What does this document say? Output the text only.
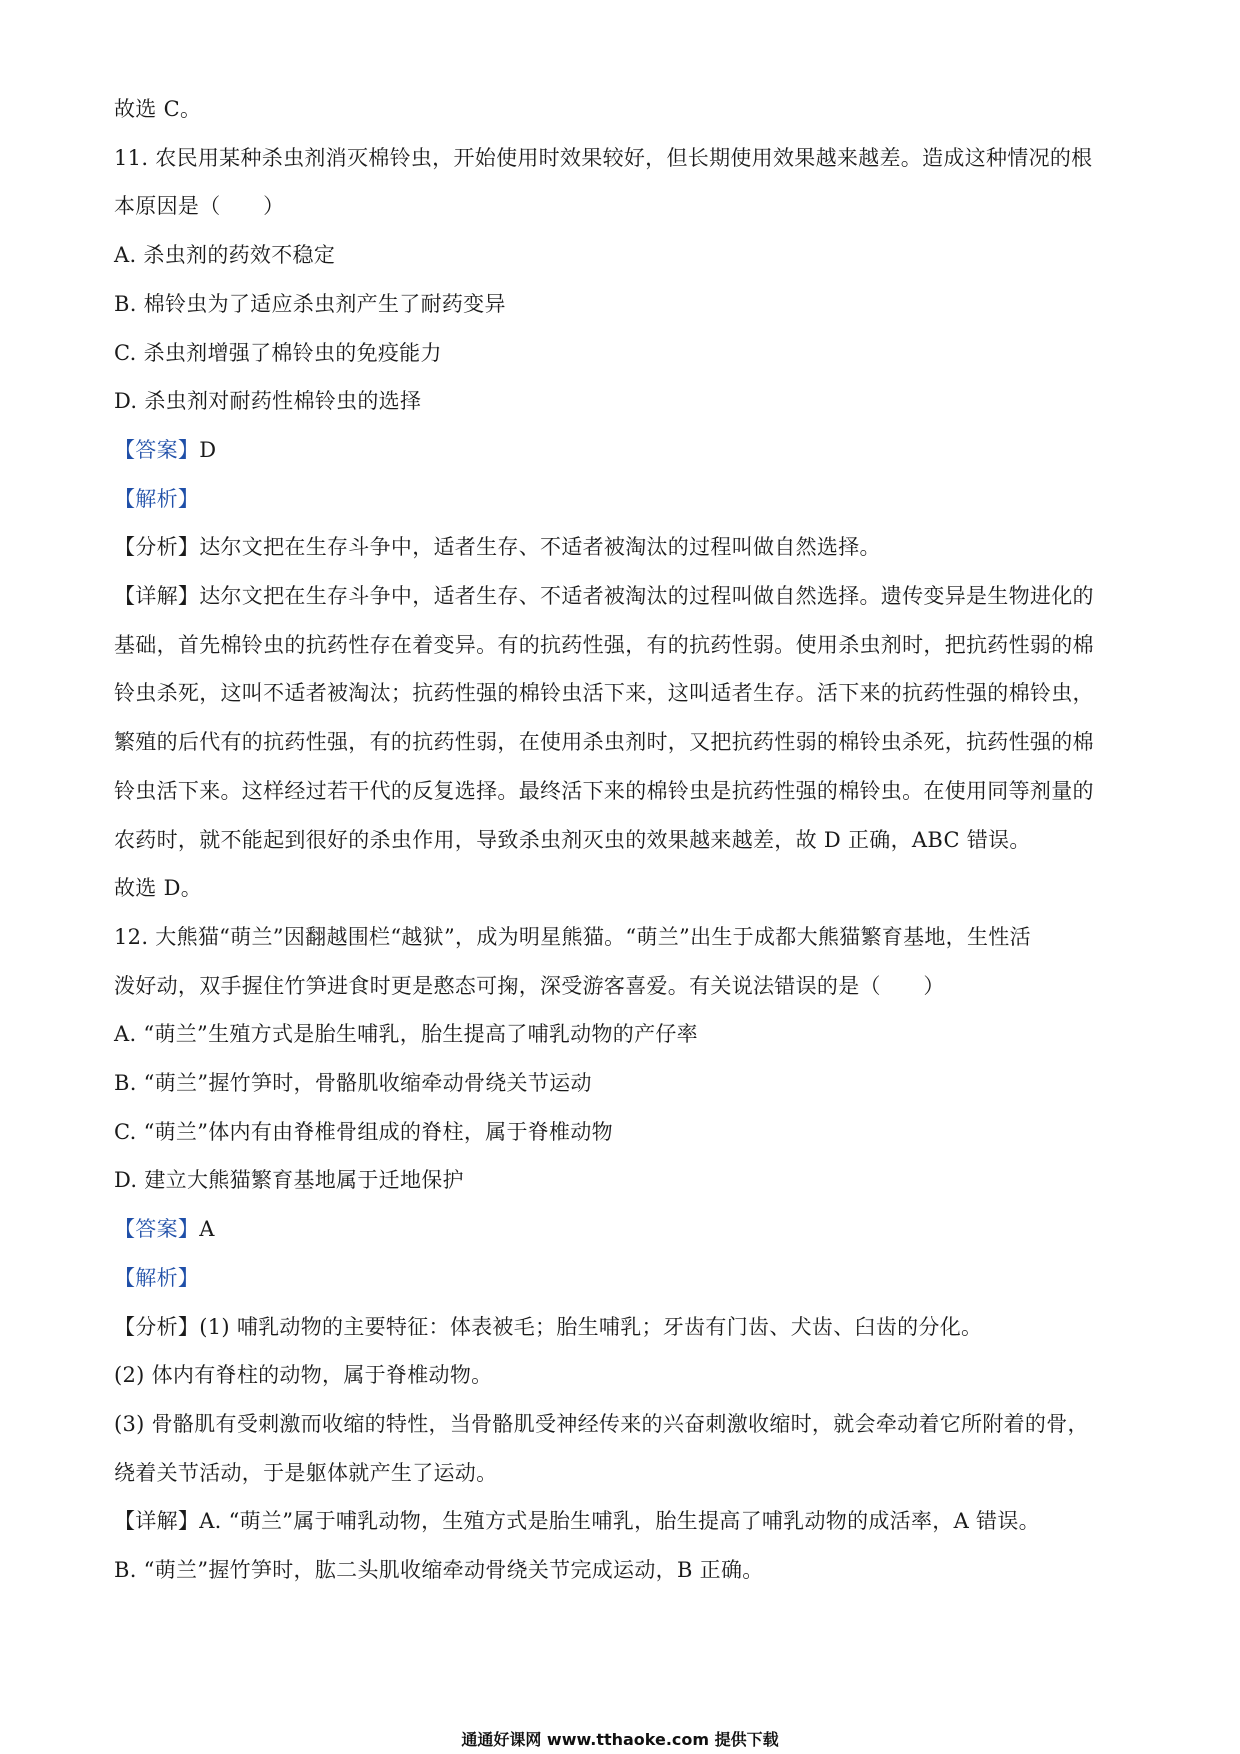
故选 C。
11. 农民用某种杀虫剂消灭棉铃虫，开始使用时效果较好，但长期使用效果越来越差。造成这种情况的根
本原因是（　　）
A. 杀虫剂的药效不稳定
B. 棉铃虫为了适应杀虫剂产生了耐药变异
C. 杀虫剂增强了棉铃虫的免疫能力
D. 杀虫剂对耐药性棉铃虫的选择
【答案】D
【解析】
【分析】达尔文把在生存斗争中，适者生存、不适者被淘汰的过程叫做自然选择。
【详解】达尔文把在生存斗争中，适者生存、不适者被淘汰的过程叫做自然选择。遗传变异是生物进化的
基础，首先棉铃虫的抗药性存在着变异。有的抗药性强，有的抗药性弱。使用杀虫剂时，把抗药性弱的棉
铃虫杀死，这叫不适者被淘汰；抗药性强的棉铃虫活下来，这叫适者生存。活下来的抗药性强的棉铃虫，
繁殖的后代有的抗药性强，有的抗药性弱，在使用杀虫剂时，又把抗药性弱的棉铃虫杀死，抗药性强的棉
铃虫活下来。这样经过若干代的反复选择。最终活下来的棉铃虫是抗药性强的棉铃虫。在使用同等剂量的
农药时，就不能起到很好的杀虫作用，导致杀虫剂灭虫的效果越来越差，故 D 正确，ABC 错误。
故选 D。
12. 大熊猫“萌兰”因翻越围栏“越狱”，成为明星熊猫。“萌兰”出生于成都大熊猫繁育基地，生性活
泼好动，双手握住竹笋进食时更是憨态可掬，深受游客喜爱。有关说法错误的是（　　）
A. “萌兰”生殖方式是胎生哺乳，胎生提高了哺乳动物的产仔率
B. “萌兰”握竹笋时，骨骼肌收缩牵动骨绕关节运动
C. “萌兰”体内有由脊椎骨组成的脊柱，属于脊椎动物
D. 建立大熊猫繁育基地属于迁地保护
【答案】A
【解析】
【分析】(1) 哺乳动物的主要特征：体表被毛；胎生哺乳；牙齿有门齿、犬齿、臼齿的分化。
(2) 体内有脊柱的动物，属于脊椎动物。
(3) 骨骼肌有受刺激而收缩的特性，当骨骼肌受神经传来的兴奋刺激收缩时，就会牵动着它所附着的骨，
绕着关节活动，于是躯体就产生了运动。
【详解】A. “萌兰”属于哺乳动物，生殖方式是胎生哺乳，胎生提高了哺乳动物的成活率，A 错误。
B. “萌兰”握竹笋时，肱二头肌收缩牵动骨绕关节完成运动，B 正确。
通通好课网 www.tthaoke.com 提供下载
